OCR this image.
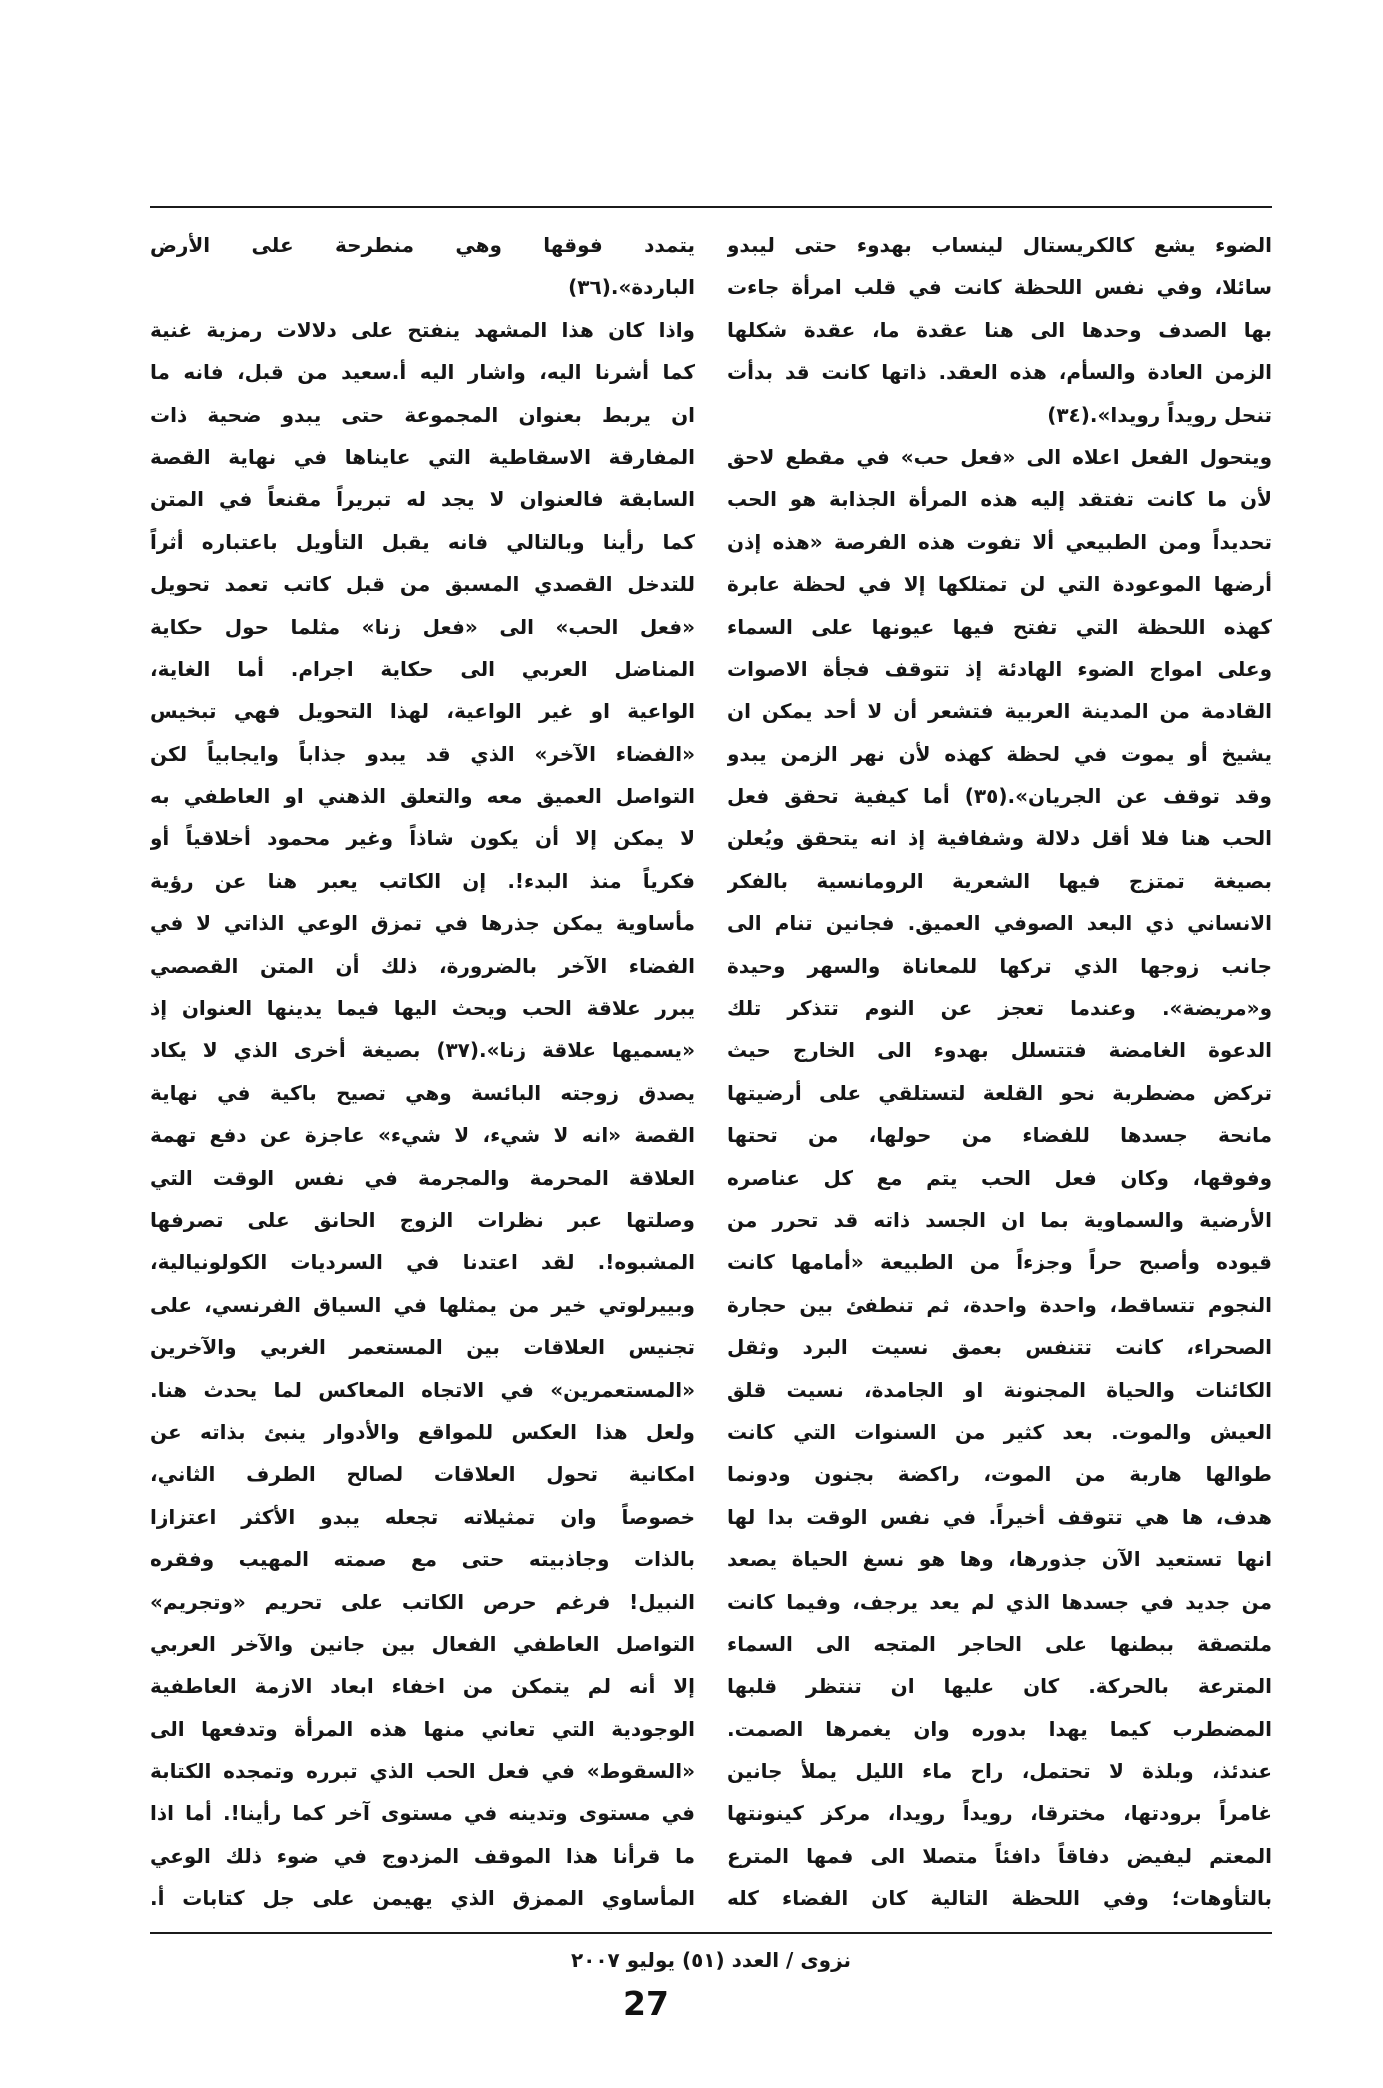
الضوء يشع كالكريستال لينساب بهدوء حتى ليبدو
سائلا، وفي نفس اللحظة كانت في قلب امرأة جاءت
بها الصدف وحدها الى هنا عقدة ما، عقدة شكلها
الزمن العادة والسأم، هذه العقد. ذاتها كانت قد بدأت
تنحل رويداً رويدا».(٣٤)
ويتحول الفعل اعلاه الى «فعل حب» في مقطع لاحق
لأن ما كانت تفتقد إليه هذه المرأة الجذابة هو الحب
تحديداً ومن الطبيعي ألا تفوت هذه الفرصة «هذه إذن
أرضها الموعودة التي لن تمتلكها إلا في لحظة عابرة
كهذه اللحظة التي تفتح فيها عيونها على السماء
وعلى امواج الضوء الهادئة إذ تتوقف فجأة الاصوات
القادمة من المدينة العربية فتشعر أن لا أحد يمكن ان
يشيخ أو يموت في لحظة كهذه لأن نهر الزمن يبدو
وقد توقف عن الجريان».(٣٥) أما كيفية تحقق فعل
الحب هنا فلا أقل دلالة وشفافية إذ انه يتحقق ويُعلن
بصيغة تمتزج فيها الشعرية الرومانسية بالفكر
الانساني ذي البعد الصوفي العميق. فجانين تنام الى
جانب زوجها الذي تركها للمعاناة والسهر وحيدة
و«مريضة». وعندما تعجز عن النوم تتذكر تلك
الدعوة الغامضة فتتسلل بهدوء الى الخارج حيث
تركض مضطربة نحو القلعة لتستلقي على أرضيتها
مانحة جسدها للفضاء من حولها، من تحتها
وفوقها، وكان فعل الحب يتم مع كل عناصره
الأرضية والسماوية بما ان الجسد ذاته قد تحرر من
قيوده وأصبح حراً وجزءاً من الطبيعة «أمامها كانت
النجوم تتساقط، واحدة واحدة، ثم تنطفئ بين حجارة
الصحراء، كانت تتنفس بعمق نسيت البرد وثقل
الكائنات والحياة المجنونة او الجامدة، نسيت قلق
العيش والموت. بعد كثير من السنوات التي كانت
طوالها هاربة من الموت، راكضة بجنون ودونما
هدف، ها هي تتوقف أخيراً. في نفس الوقت بدا لها
انها تستعيد الآن جذورها، وها هو نسغ الحياة يصعد
من جديد في جسدها الذي لم يعد يرجف، وفيما كانت
ملتصقة ببطنها على الحاجر المتجه الى السماء
المترعة بالحركة. كان عليها ان تنتظر قلبها
المضطرب كيما يهدا بدوره وان يغمرها الصمت.
عندئذ، وبلذة لا تحتمل، راح ماء الليل يملأ جانين
غامراً برودتها، مخترقا، رويداً رويدا، مركز كينونتها
المعتم ليفيض دفاقاً دافئاً متصلا الى فمها المترع
بالتأوهات؛ وفي اللحظة التالية كان الفضاء كله
يتمدد فوقها وهي منطرحة على الأرض
الباردة».(٣٦)
واذا كان هذا المشهد ينفتح على دلالات رمزية غنية
كما أشرنا اليه، واشار اليه أ.سعيد من قبل، فانه ما
ان يربط بعنوان المجموعة حتى يبدو ضحية ذات
المفارقة الاسقاطية التي عايناها في نهاية القصة
السابقة فالعنوان لا يجد له تبريراً مقنعاً في المتن
كما رأينا وبالتالي فانه يقبل التأويل باعتباره أثراً
للتدخل القصدي المسبق من قبل كاتب تعمد تحويل
«فعل الحب» الى «فعل زنا» مثلما حول حكاية
المناضل العربي الى حكاية اجرام. أما الغاية،
الواعية او غير الواعية، لهذا التحويل فهي تبخيس
«الفضاء الآخر» الذي قد يبدو جذاباً وايجابياً لكن
التواصل العميق معه والتعلق الذهني او العاطفي به
لا يمكن إلا أن يكون شاذاً وغير محمود أخلاقياً أو
فكرياً منذ البدء!. إن الكاتب يعبر هنا عن رؤية
مأساوية يمكن جذرها في تمزق الوعي الذاتي لا في
الفضاء الآخر بالضرورة، ذلك أن المتن القصصي
يبرر علاقة الحب ويحث اليها فيما يدينها العنوان إذ
«يسميها علاقة زنا».(٣٧) بصيغة أخرى الذي لا يكاد
يصدق زوجته البائسة وهي تصيح باكية في نهاية
القصة «انه لا شيء، لا شيء» عاجزة عن دفع تهمة
العلاقة المحرمة والمجرمة في نفس الوقت التي
وصلتها عبر نظرات الزوج الحانق على تصرفها
المشبوه!. لقد اعتدنا في السرديات الكولونيالية،
وبييرلوتي خير من يمثلها في السياق الفرنسي، على
تجنيس العلاقات بين المستعمر الغربي والآخرين
«المستعمرين» في الاتجاه المعاكس لما يحدث هنا.
ولعل هذا العكس للمواقع والأدوار ينبئ بذاته عن
امكانية تحول العلاقات لصالح الطرف الثاني،
خصوصاً وان تمثيلاته تجعله يبدو الأكثر اعتزازا
بالذات وجاذبيته حتى مع صمته المهيب وفقره
النبيل! فرغم حرص الكاتب على تحريم «وتجريم»
التواصل العاطفي الفعال بين جانين والآخر العربي
إلا أنه لم يتمكن من اخفاء ابعاد الازمة العاطفية
الوجودية التي تعاني منها هذه المرأة وتدفعها الى
«السقوط» في فعل الحب الذي تبرره وتمجده الكتابة
في مستوى وتدينه في مستوى آخر كما رأينا!. أما اذا
ما قرأنا هذا الموقف المزدوج في ضوء ذلك الوعي
المأساوي الممزق الذي يهيمن على جل كتابات أ.
نزوى / العدد (٥١) يوليو ٢٠٠٧
27
